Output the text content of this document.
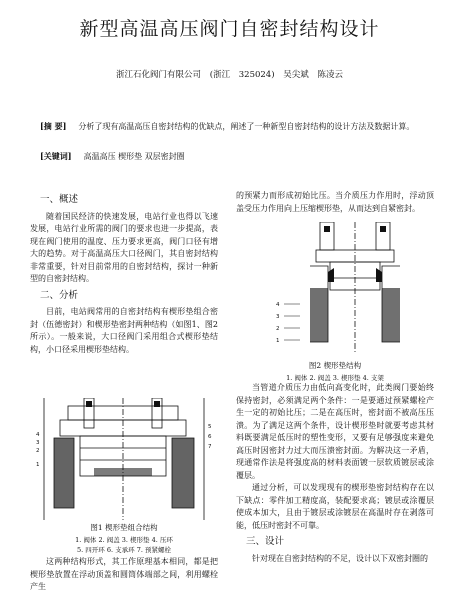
新型高温高压阀门自密封结构设计
浙江石化阀门有限公司 (浙江 325024) 吴尖斌 陈凌云
[摘 要] 分析了现有高温高压自密封结构的优缺点，阐述了一种新型自密封结构的设计方法及数据计算。
[关键词] 高温高压 楔形垫 双层密封圈
一、概述

随着国民经济的快速发展，电站行业也得以飞速发展，电站行业所需的阀门的要求也进一步提高，表现在阀门使用的温度、压力要求更高，阀门口径有增大的趋势。对于高温高压大口径阀门，其自密封结构非常重要，针对目前常用的自密封结构，探讨一种新型的自密封结构。

二、分析

目前，电站阀常用的自密封结构有楔形垫组合密封（伍德密封）和楔形垫密封两种结构（如图1、图2所示）。一般来说，大口径阀门采用组合式楔形垫结构，小口径采用楔形垫结构。

1
2
3
4
5
6
7
图1 楔形垫组合结构
1. 阀体 2. 阀盖 3. 楔形垫 4. 压环
5. 四开环 6. 支承环 7. 预紧螺栓

这两种结构形式，其工作原理基本相同，都是把楔形垫放置在浮动顶盖和圆筒体端部之间，利用螺栓产生

的预紧力而形成初始比压。当介质压力作用时，浮动顶盖受压力作用向上压缩楔形垫，从而达到自紧密封。

4
3
2
1
图2 楔形垫结构
1. 阀体 2. 阀盖 3. 楔形垫 4. 支架

当管道介质压力由低向高变化时，此类阀门要始终保持密封，必须满足两个条件：一是要通过预紧螺栓产生一定的初始比压；二是在高压时，密封面不被高压压溃。为了满足这两个条件，设计楔形垫时就要考虑其材料既要满足低压时的塑性变形，又要有足够强度来避免高压时因密封力过大而压溃密封面。为解决这一矛盾，现通常作法是将强度高的材料表面镀一层软质镀层或涂覆层。

通过分析，可以发现现有的楔形垫密封结构存在以下缺点：零件加工精度高，装配要求高；镀层或涂覆层使成本加大，且由于镀层或涂镀层在高温时存在剥落可能，低压时密封不可靠。

三、设计

针对现在自密封结构的不足，设计以下双密封圈的
